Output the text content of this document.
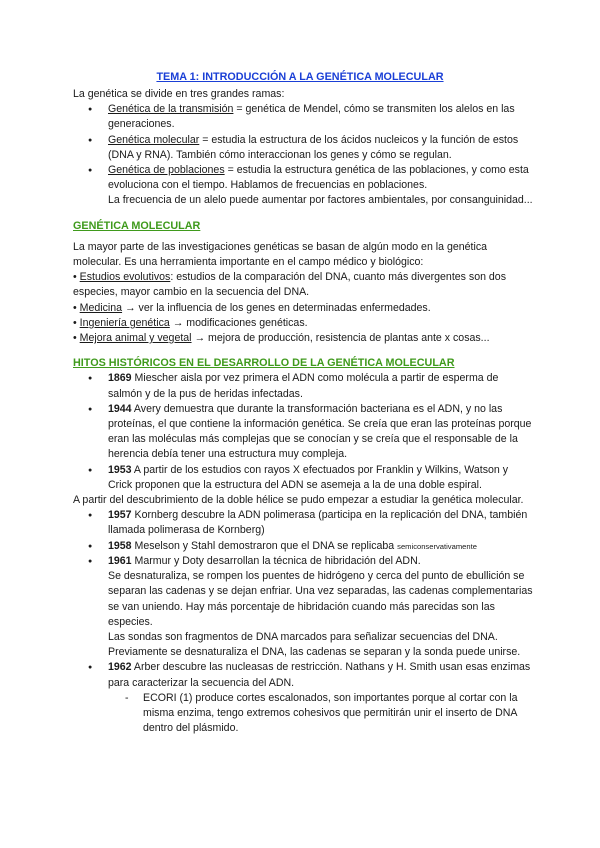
TEMA 1: INTRODUCCIÓN A LA GENÉTICA MOLECULAR

La genética se divide en tres grandes ramas:

● Genética de la transmisión = genética de Mendel, cómo se transmiten los alelos en las generaciones.
● Genética molecular = estudia la estructura de los ácidos nucleicos y la función de estos (DNA y RNA). También cómo interaccionan los genes y cómo se regulan.
● Genética de poblaciones = estudia la estructura genética de las poblaciones, y como esta evoluciona con el tiempo. Hablamos de frecuencias en poblaciones.
La frecuencia de un alelo puede aumentar por factores ambientales, por consanguinidad...
GENÉTICA MOLECULAR

La mayor parte de las investigaciones genéticas se basan de algún modo en la genética molecular. Es una herramienta importante en el campo médico y biológico:

• Estudios evolutivos: estudios de la comparación del DNA, cuanto más divergentes son dos especies, mayor cambio en la secuencia del DNA.

• Medicina → ver la influencia de los genes en determinadas enfermedades.

• Ingeniería genética → modificaciones genéticas.

• Mejora animal y vegetal → mejora de producción, resistencia de plantas ante x cosas...

HITOS HISTÓRICOS EN EL DESARROLLO DE LA GENÉTICA MOLECULAR
● 1869 Miescher aisla por vez primera el ADN como molécula a partir de esperma de salmón y de la pus de heridas infectadas.
● 1944 Avery demuestra que durante la transformación bacteriana es el ADN, y no las proteínas, el que contiene la información genética. Se creía que eran las proteínas porque eran las moléculas más complejas que se conocían y se creía que el responsable de la herencia debía tener una estructura muy compleja.
● 1953 A partir de los estudios con rayos X efectuados por Franklin y Wilkins, Watson y Crick proponen que la estructura del ADN se asemeja a la de una doble espiral.

A partir del descubrimiento de la doble hélice se pudo empezar a estudiar la genética molecular.

● 1957 Kornberg descubre la ADN polimerasa (participa en la replicación del DNA, también llamada polimerasa de Kornberg)
● 1958 Meselson y Stahl demostraron que el DNA se replicaba semiconservativamente
● 1961 Marmur y Doty desarrollan la técnica de hibridación del ADN.
Se desnaturaliza, se rompen los puentes de hidrógeno y cerca del punto de ebullición se separan las cadenas y se dejan enfriar. Una vez separadas, las cadenas complementarias se van uniendo. Hay más porcentaje de hibridación cuando más parecidas son las especies.
Las sondas son fragmentos de DNA marcados para señalizar secuencias del DNA. Previamente se desnaturaliza el DNA, las cadenas se separan y la sonda puede unirse.
● 1962 Arber descubre las nucleasas de restricción. Nathans y H. Smith usan esas enzimas para caracterizar la secuencia del ADN.
- ECORI (1) produce cortes escalonados, son importantes porque al cortar con la misma enzima, tengo extremos cohesivos que permitirán unir el inserto de DNA dentro del plásmido.
